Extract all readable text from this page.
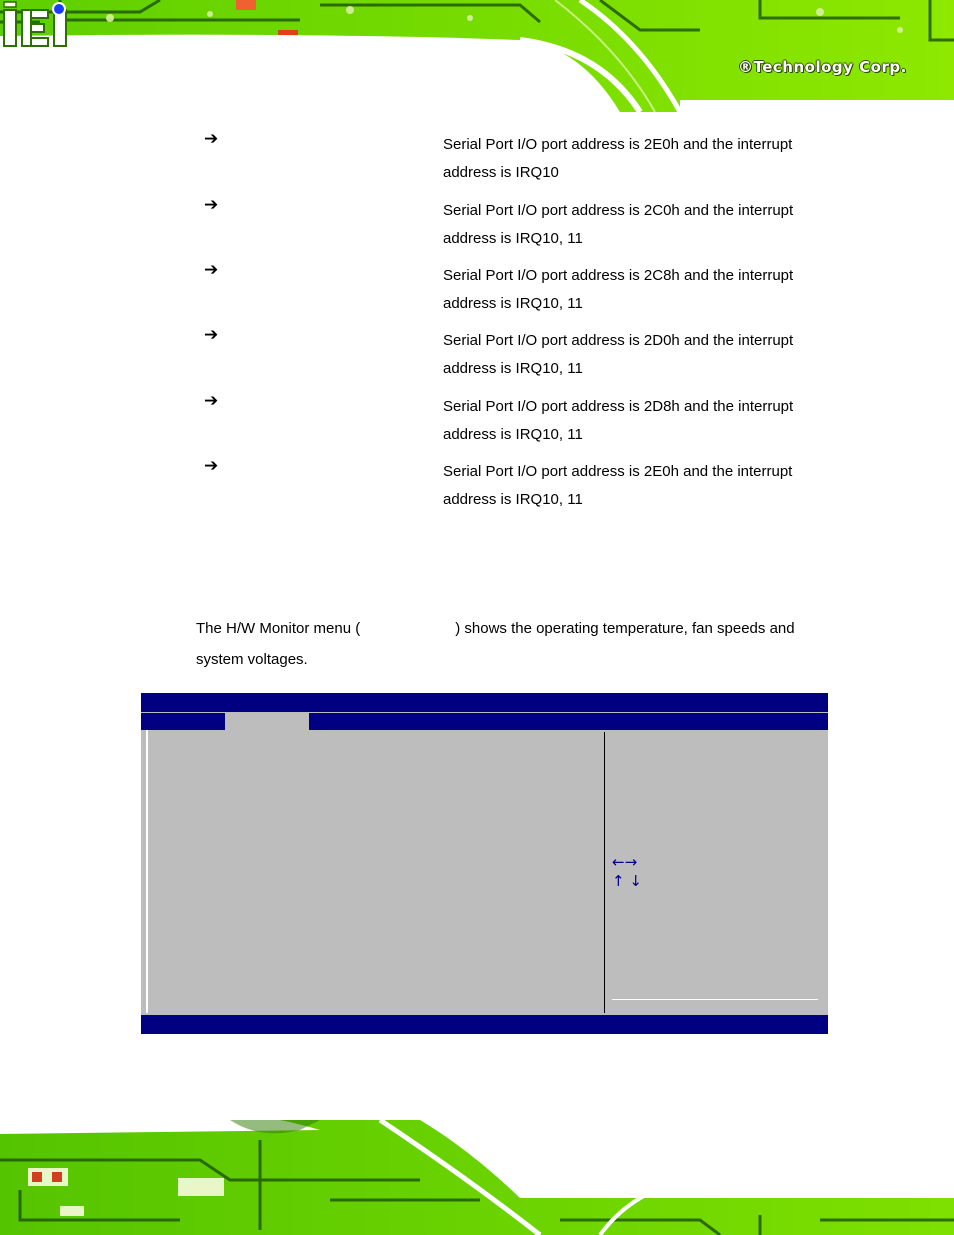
®Technology Corp.
➔	Serial Port I/O port address is 2E0h and the interrupt
address is IRQ10
➔	Serial Port I/O port address is 2C0h and the interrupt
address is IRQ10, 11
➔	Serial Port I/O port address is 2C8h and the interrupt
address is IRQ10, 11
➔	Serial Port I/O port address is 2D0h and the interrupt
address is IRQ10, 11
➔	Serial Port I/O port address is 2D8h and the interrupt
address is IRQ10, 11
➔	Serial Port I/O port address is 2E0h and the interrupt
address is IRQ10, 11
The H/W Monitor menu (	) shows the operating temperature, fan speeds and
system voltages.
←→
↑ ↓
